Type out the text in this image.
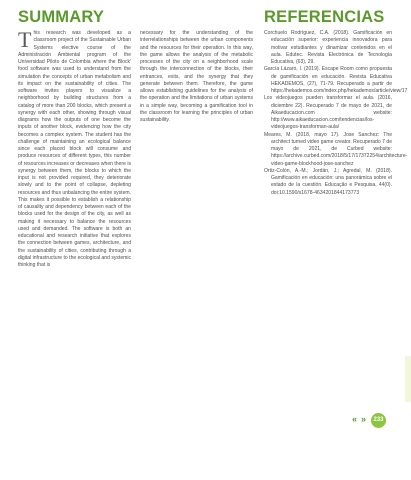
SUMMARY	REFERENCIAS

This research was developed as a classroom project of the Sustainable Urban Systems elective course of the Administración Ambiental program of the Universidad Piloto de Colombia where the Block' food software was used to understand from the simulation the concepts of urban metabolism and its impact on the sustainability of cities. The software invites players to visualize a neighborhood by building structures from a catalog of more than 200 blocks, which present a synergy with each other, showing through visual diagrams how the outputs of one become the inputs of another block, evidencing how the city becomes a complex system. The student has the challenge of maintaining an ecological balance since each placed block will consume and produce resources of different types, this number of resources increases or decreases when there is synergy between them, the blocks to which the input is not provided required, they deteriorate slowly and to the point of collapse, depleting resources and thus unbalancing the entire system. This makes it possible to establish a relationship of causality and dependency between each of the blocks used for the design of the city, as well as making it necessary to balance the resources used and demanded. The software is both an educational and research initiative that explores the connection between games, architecture, and the sustainability of cities, contributing through a digital infrastructure to the ecological and systemic thinking that is

necessary for the understanding of the interrelationships between the urban components and the resources for their operation. In this way, the game allows the analysis of the metabolic processes of the city on a neighborhood scale through the interconnection of the blocks, their entrances, exits, and the synergy that they generate between them. Therefore, the game allows establishing guidelines for the analysis of the operation and the limitations of urban systems in a simple way, becoming a gamification tool in the classroom for learning the principles of urban sustainability.

Corchuelo Rodríguez, C.A. (2018). Gamificación en educación superior: experiencia innovadora para motivar estudiantes y dinamizar contenidos en el aula. Edutec. Revista Electrónica de Tecnología Educativa, (63), 29.

García Lázaro, I. (2019). Escape Room como propuesta de gamificación en educación. Revista Educativa HEKADEMOS, (27), 71-79. Recuperado a partir de https://hekademos.com/index.php/hekademos/article/view/17

Los videojuegos pueden transformar el aula. (2016, diciembre 22). Recuperado 7 de mayo de 2021, de Aikaeducacion.com website: http://www.aikaeducacion.com/tendencias/los-videojuegos-transforman-aula/

Meares, M. (2018, mayo 17). Jose Sanchez: The architect turned video game creator. Recuperado 7 de mayo de 2021, de Curbed website: https://archive.curbed.com/2018/5/17/17372254/architecture-video-game-blockhood-jose-sanchez

Ortiz-Colón, A.-M.; Jordán, J.; Agredal, M. (2018). Gamificación en educación: una panorámica sobre el estado de la cuestión. Educação e Pesquisa, 44(0). doi:10.1590/s1678-4634201844173773

« »	233
